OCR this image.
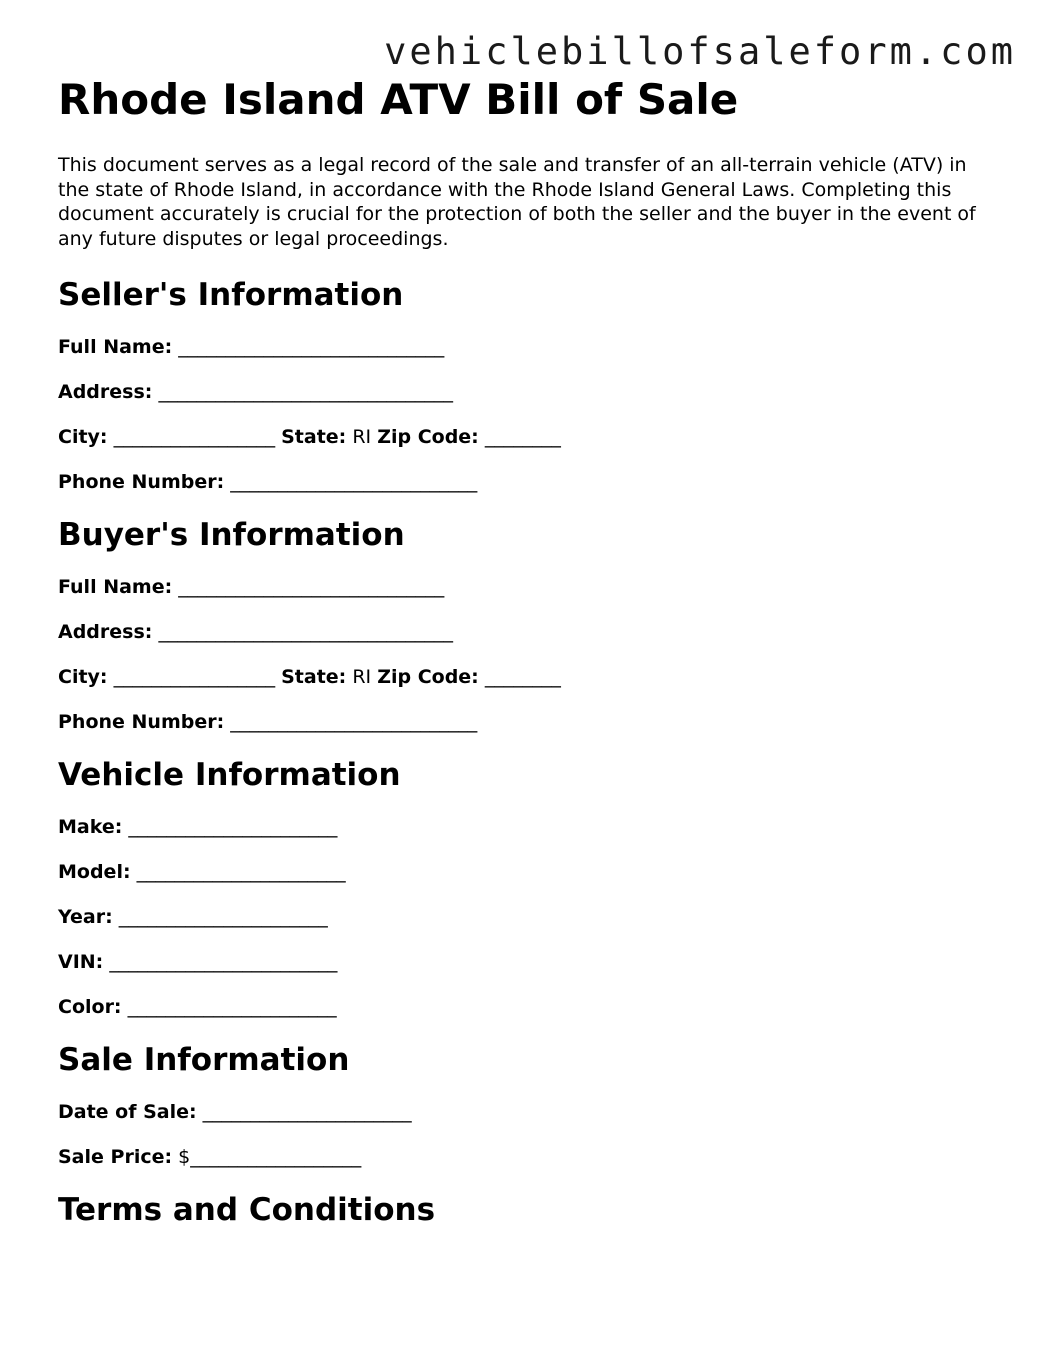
vehiclebillofsaleform.com
Rhode Island ATV Bill of Sale

This document serves as a legal record of the sale and transfer of an all-terrain vehicle (ATV) in the state of Rhode Island, in accordance with the Rhode Island General Laws. Completing this document accurately is crucial for the protection of both the seller and the buyer in the event of any future disputes or legal proceedings.

Seller's Information
Full Name: ____________________________
Address: _______________________________
City: _________________ State: RI Zip Code: ________
Phone Number: __________________________
Buyer's Information
Full Name: ____________________________
Address: _______________________________
City: _________________ State: RI Zip Code: ________
Phone Number: __________________________
Vehicle Information
Make: ______________________
Model: ______________________
Year: ______________________
VIN: ________________________
Color: ______________________
Sale Information
Date of Sale: ______________________
Sale Price: $__________________
Terms and Conditions
